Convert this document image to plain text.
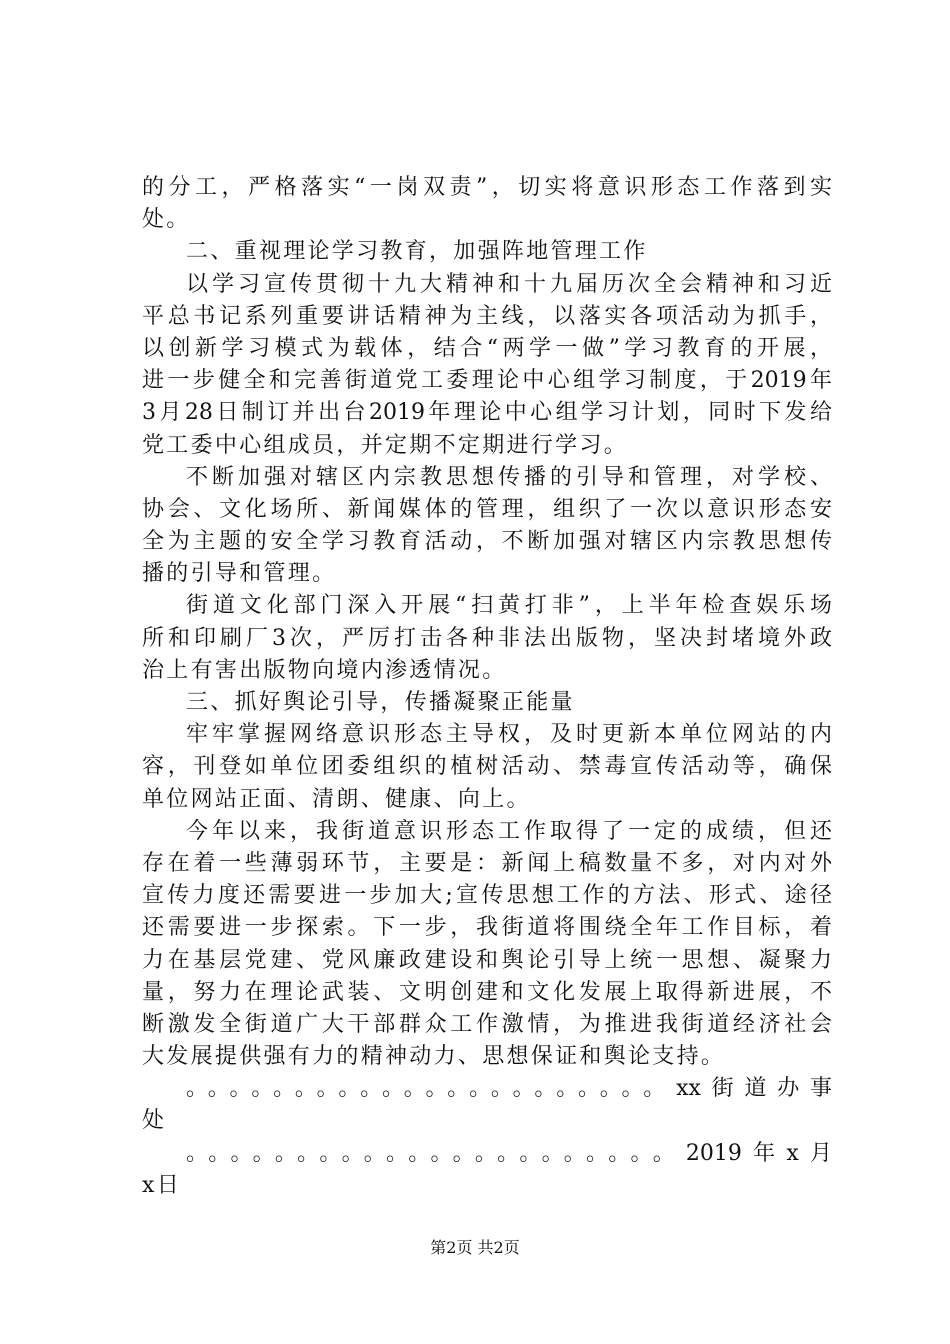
的分工，严格落实“一岗双责”，切实将意识形态工作落到实
处。
二、重视理论学习教育，加强阵地管理工作
以学习宣传贯彻十九大精神和十九届历次全会精神和习近
平总书记系列重要讲话精神为主线，以落实各项活动为抓手，
以创新学习模式为载体，结合“两学一做”学习教育的开展，
进一步健全和完善街道党工委理论中心组学习制度，于2019年
3月28日制订并出台2019年理论中心组学习计划，同时下发给
党工委中心组成员，并定期不定期进行学习。
不断加强对辖区内宗教思想传播的引导和管理，对学校、
协会、文化场所、新闻媒体的管理，组织了一次以意识形态安
全为主题的安全学习教育活动，不断加强对辖区内宗教思想传
播的引导和管理。
街道文化部门深入开展“扫黄打非”，上半年检查娱乐场
所和印刷厂3次，严厉打击各种非法出版物，坚决封堵境外政
治上有害出版物向境内渗透情况。
三、抓好舆论引导，传播凝聚正能量
牢牢掌握网络意识形态主导权，及时更新本单位网站的内
容，刊登如单位团委组织的植树活动、禁毒宣传活动等，确保
单位网站正面、清朗、健康、向上。
今年以来，我街道意识形态工作取得了一定的成绩，但还
存在着一些薄弱环节，主要是：新闻上稿数量不多，对内对外
宣传力度还需要进一步加大;宣传思想工作的方法、形式、途径
还需要进一步探索。下一步，我街道将围绕全年工作目标，着
力在基层党建、党风廉政建设和舆论引导上统一思想、凝聚力
量，努力在理论武装、文明创建和文化发展上取得新进展，不
断激发全街道广大干部群众工作激情，为推进我街道经济社会
大发展提供强有力的精神动力、思想保证和舆论支持。
。。。。。。。。。。。。。。。。。。。。。。xx街道办事
处
。。。。。。。。。。。。。。。。。。。。。。2019年x月
x日
第2页 共2页
